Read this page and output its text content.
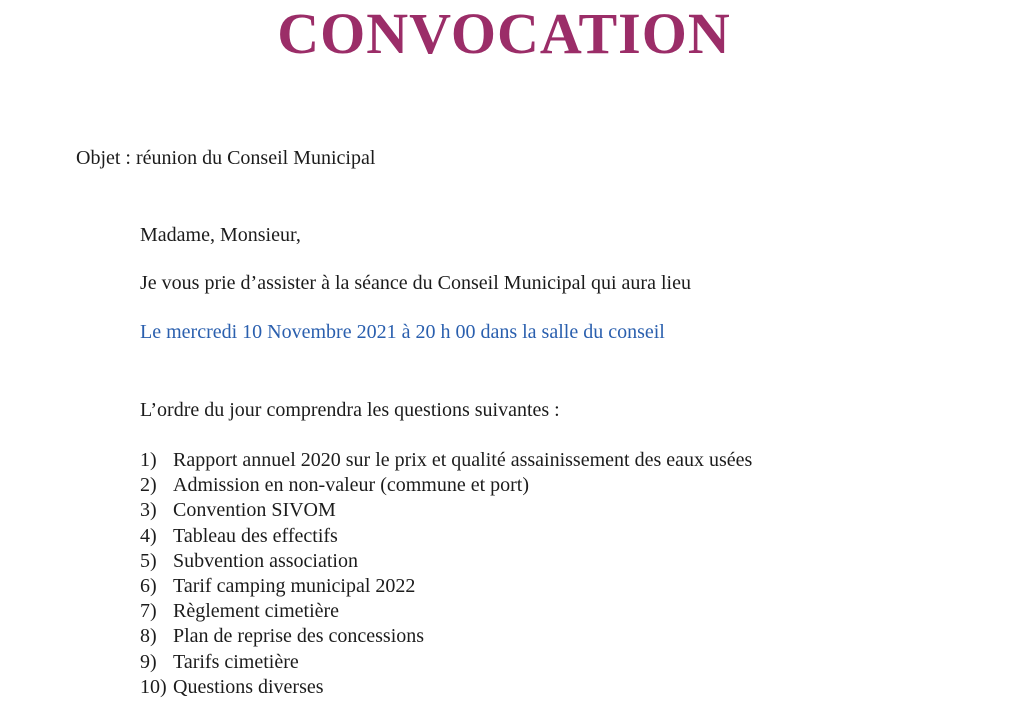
CONVOCATION
Objet : réunion du Conseil Municipal
Madame, Monsieur,
Je vous prie d’assister à la séance du Conseil Municipal qui aura lieu
Le mercredi 10 Novembre 2021 à 20 h 00 dans la salle du conseil
L’ordre du jour comprendra les questions suivantes :
1) Rapport annuel 2020 sur le prix et qualité assainissement des eaux usées
2) Admission en non-valeur (commune et port)
3) Convention SIVOM
4) Tableau des effectifs
5) Subvention association
6) Tarif camping municipal 2022
7) Règlement cimetière
8) Plan de reprise des concessions
9) Tarifs cimetière
10) Questions diverses
